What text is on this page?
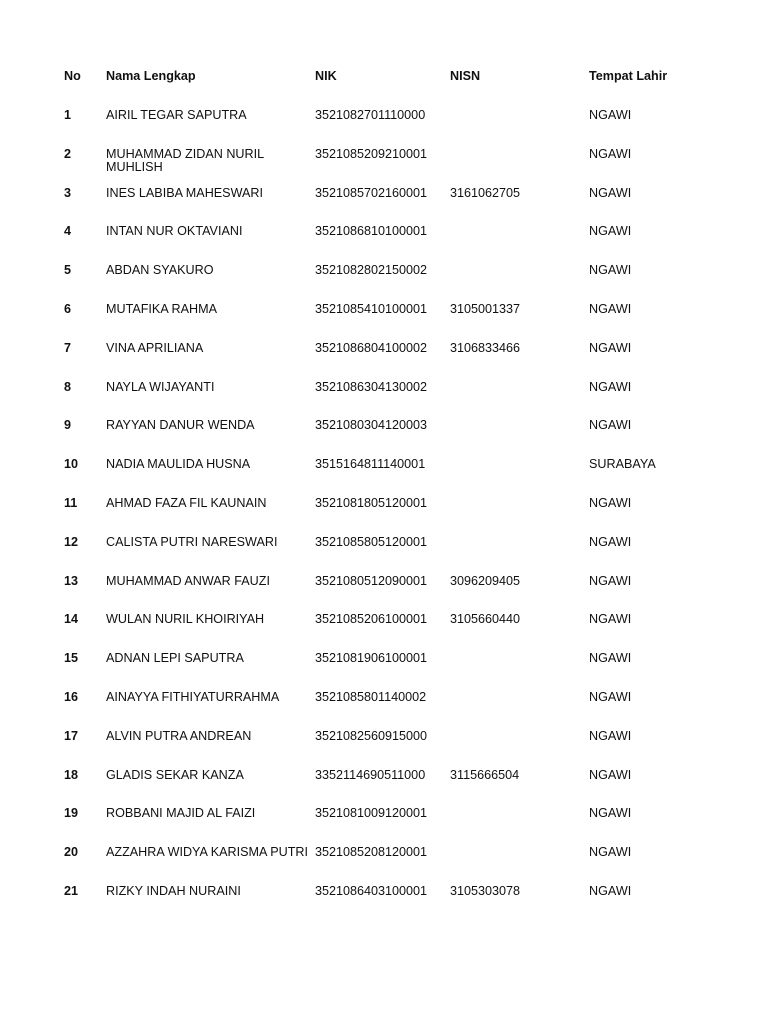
No	Nama Lengkap	NIK	NISN	Tempat Lahir
1	AIRIL TEGAR SAPUTRA	3521082701110000		NGAWI
2	MUHAMMAD ZIDAN NURIL MUHLISH	3521085209210001		NGAWI
3	INES LABIBA MAHESWARI	3521085702160001	3161062705	NGAWI
4	INTAN NUR OKTAVIANI	3521086810100001		NGAWI
5	ABDAN SYAKURO	3521082802150002		NGAWI
6	MUTAFIKA RAHMA	3521085410100001	3105001337	NGAWI
7	VINA APRILIANA	3521086804100002	3106833466	NGAWI
8	NAYLA WIJAYANTI	3521086304130002		NGAWI
9	RAYYAN DANUR WENDA	3521080304120003		NGAWI
10	NADIA MAULIDA HUSNA	3515164811140001		SURABAYA
11	AHMAD FAZA FIL KAUNAIN	3521081805120001		NGAWI
12	CALISTA PUTRI NARESWARI	3521085805120001		NGAWI
13	MUHAMMAD ANWAR FAUZI	3521080512090001	3096209405	NGAWI
14	WULAN NURIL KHOIRIYAH	3521085206100001	3105660440	NGAWI
15	ADNAN LEPI SAPUTRA	3521081906100001		NGAWI
16	AINAYYA FITHIYATURRAHMA	3521085801140002		NGAWI
17	ALVIN PUTRA ANDREAN	3521082560915000		NGAWI
18	GLADIS SEKAR KANZA	3352114690511000	3115666504	NGAWI
19	ROBBANI MAJID AL FAIZI	3521081009120001		NGAWI
20	AZZAHRA WIDYA KARISMA PUTRI	3521085208120001		NGAWI
21	RIZKY INDAH NURAINI	3521086403100001	3105303078	NGAWI
